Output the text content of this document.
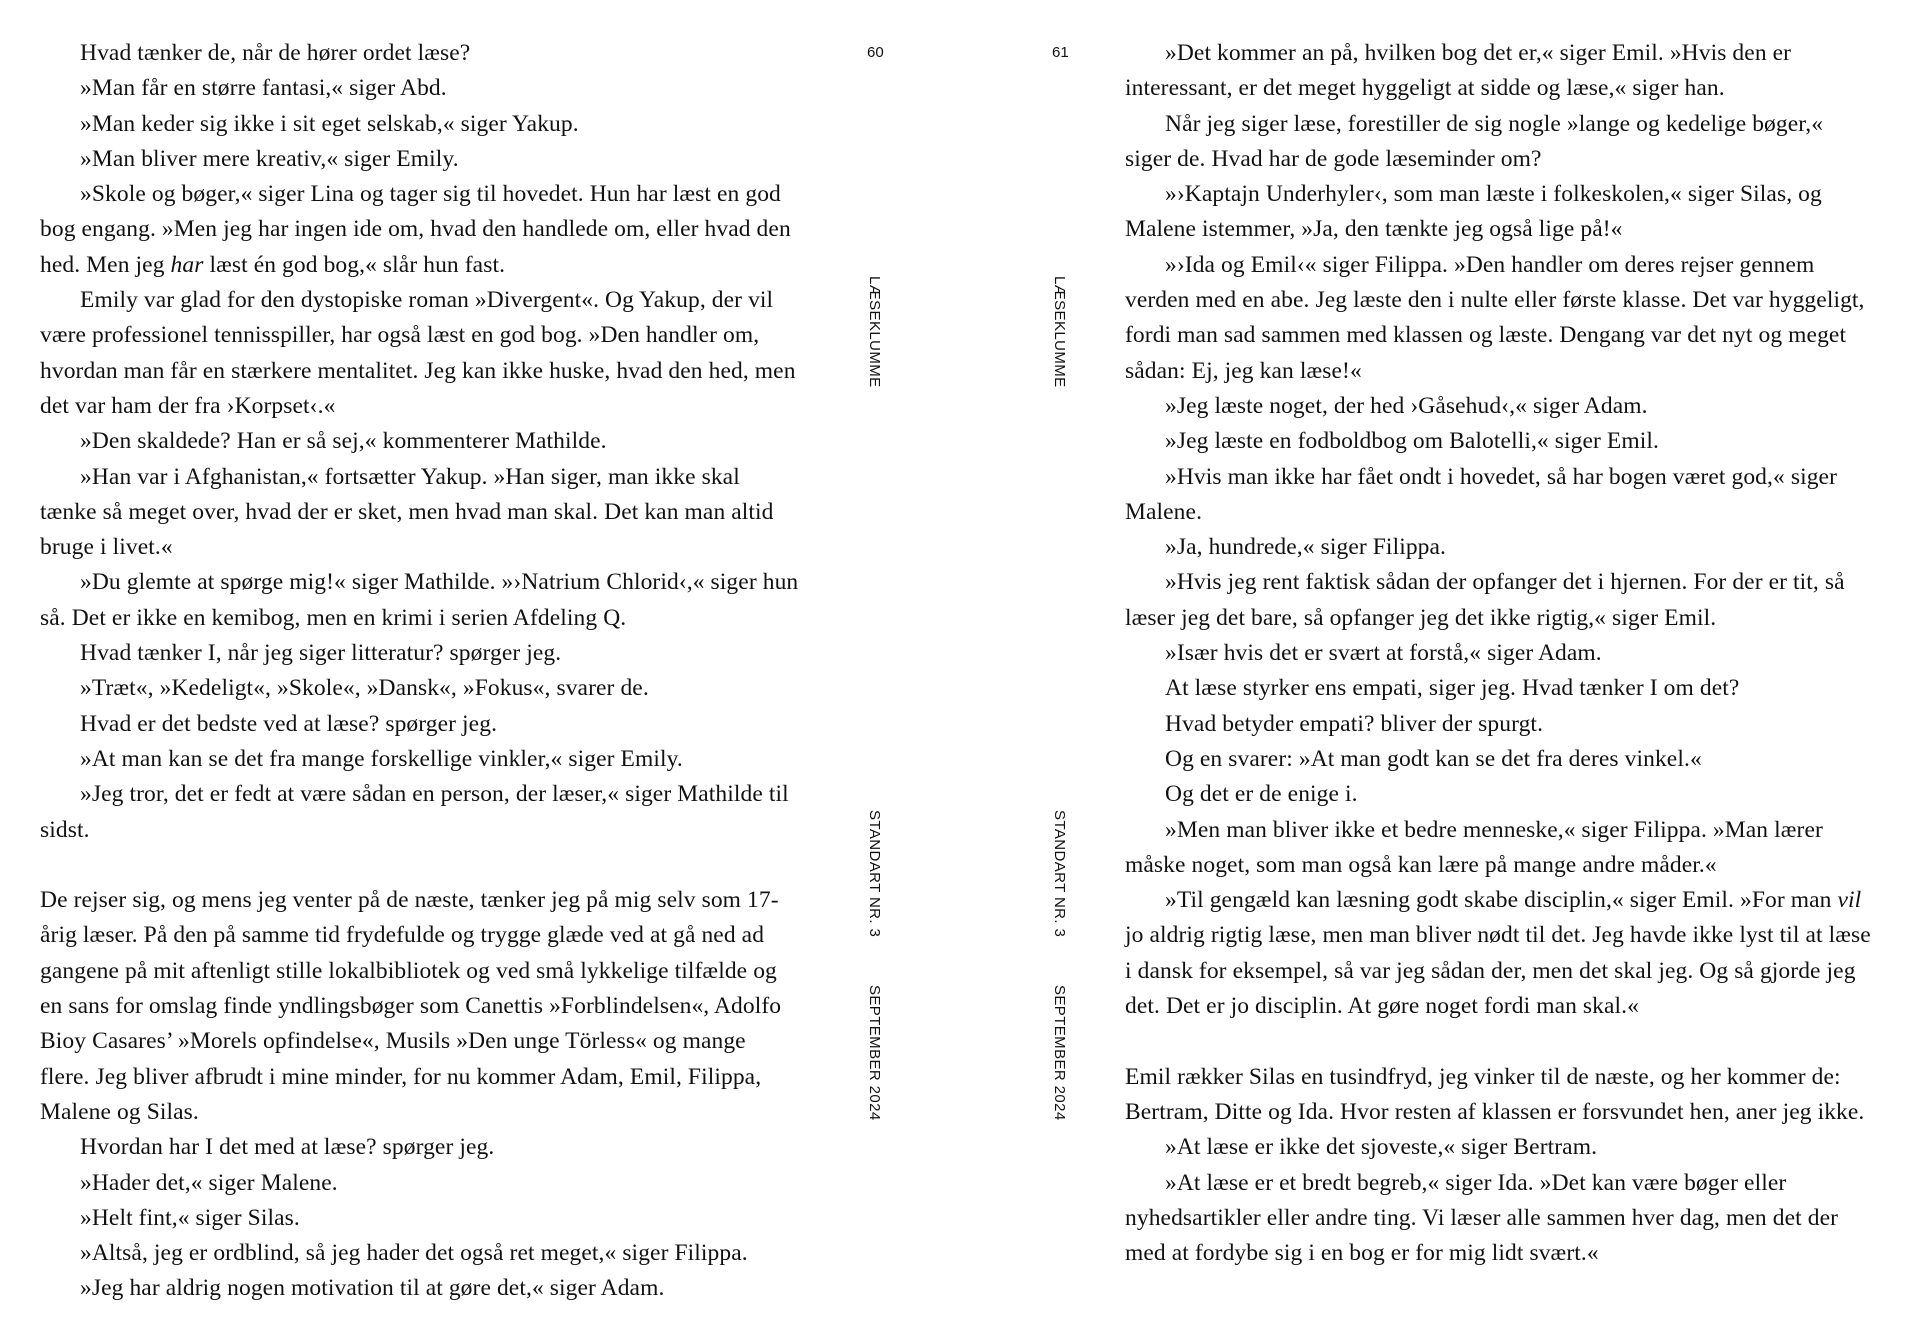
Hvad tænker de, når de hører ordet læse?

»Man får en større fantasi,« siger Abd.

»Man keder sig ikke i sit eget selskab,« siger Yakup.

»Man bliver mere kreativ,« siger Emily.

»Skole og bøger,« siger Lina og tager sig til hovedet. Hun har læst en god bog engang. »Men jeg har ingen ide om, hvad den handlede om, eller hvad den hed. Men jeg har læst én god bog,« slår hun fast.

Emily var glad for den dystopiske roman »Divergent«. Og Yakup, der vil være professionel tennisspiller, har også læst en god bog. »Den handler om, hvordan man får en stærkere mentalitet. Jeg kan ikke huske, hvad den hed, men det var ham der fra ›Korpset‹.«

»Den skaldede? Han er så sej,« kommenterer Mathilde.

»Han var i Afghanistan,« fortsætter Yakup. »Han siger, man ikke skal tænke så meget over, hvad der er sket, men hvad man skal. Det kan man altid bruge i livet.«

»Du glemte at spørge mig!« siger Mathilde. »›Natrium Chlorid‹,« siger hun så. Det er ikke en kemibog, men en krimi i serien Afdeling Q.

Hvad tænker I, når jeg siger litteratur? spørger jeg.

»Træt«, »Kedeligt«, »Skole«, »Dansk«, »Fokus«, svarer de.

Hvad er det bedste ved at læse? spørger jeg.

»At man kan se det fra mange forskellige vinkler,« siger Emily.

»Jeg tror, det er fedt at være sådan en person, der læser,« siger Mathilde til sidst.

De rejser sig, og mens jeg venter på de næste, tænker jeg på mig selv som 17-årig læser. På den på samme tid frydefulde og trygge glæde ved at gå ned ad gangene på mit aftenligt stille lokalbibliotek og ved små lykkelige tilfælde og en sans for omslag finde yndlingsbøger som Canettis »Forblindelsen«, Adolfo Bioy Casares’ »Morels opfindelse«, Musils »Den unge Törless« og mange flere. Jeg bliver afbrudt i mine minder, for nu kommer Adam, Emil, Filippa, Malene og Silas.

Hvordan har I det med at læse? spørger jeg.

»Hader det,« siger Malene.

»Helt fint,« siger Silas.

»Altså, jeg er ordblind, så jeg hader det også ret meget,« siger Filippa.

»Jeg har aldrig nogen motivation til at gøre det,« siger Adam.

60
LÆSEKLUMME
STANDART NR. 3
SEPTEMBER 2024
61
LÆSEKLUMME
STANDART NR. 3
SEPTEMBER 2024

»Det kommer an på, hvilken bog det er,« siger Emil. »Hvis den er interessant, er det meget hyggeligt at sidde og læse,« siger han.

Når jeg siger læse, forestiller de sig nogle »lange og kedelige bøger,« siger de. Hvad har de gode læseminder om?

»›Kaptajn Underhyler‹, som man læste i folkeskolen,« siger Silas, og Malene istemmer, »Ja, den tænkte jeg også lige på!«

»›Ida og Emil‹« siger Filippa. »Den handler om deres rejser gennem verden med en abe. Jeg læste den i nulte eller første klasse. Det var hyggeligt, fordi man sad sammen med klassen og læste. Dengang var det nyt og meget sådan: Ej, jeg kan læse!«

»Jeg læste noget, der hed ›Gåsehud‹,« siger Adam.

»Jeg læste en fodboldbog om Balotelli,« siger Emil.

»Hvis man ikke har fået ondt i hovedet, så har bogen været god,« siger Malene.

»Ja, hundrede,« siger Filippa.

»Hvis jeg rent faktisk sådan der opfanger det i hjernen. For der er tit, så læser jeg det bare, så opfanger jeg det ikke rigtig,« siger Emil.

»Især hvis det er svært at forstå,« siger Adam.

At læse styrker ens empati, siger jeg. Hvad tænker I om det?

Hvad betyder empati? bliver der spurgt.

Og en svarer: »At man godt kan se det fra deres vinkel.«

Og det er de enige i.

»Men man bliver ikke et bedre menneske,« siger Filippa. »Man lærer måske noget, som man også kan lære på mange andre måder.«

»Til gengæld kan læsning godt skabe disciplin,« siger Emil. »For man vil jo aldrig rigtig læse, men man bliver nødt til det. Jeg havde ikke lyst til at læse i dansk for eksempel, så var jeg sådan der, men det skal jeg. Og så gjorde jeg det. Det er jo disciplin. At gøre noget fordi man skal.«

Emil rækker Silas en tusindfryd, jeg vinker til de næste, og her kommer de: Bertram, Ditte og Ida. Hvor resten af klassen er forsvundet hen, aner jeg ikke.

»At læse er ikke det sjoveste,« siger Bertram.

»At læse er et bredt begreb,« siger Ida. »Det kan være bøger eller nyhedsartikler eller andre ting. Vi læser alle sammen hver dag, men det der med at fordybe sig i en bog er for mig lidt svært.«
